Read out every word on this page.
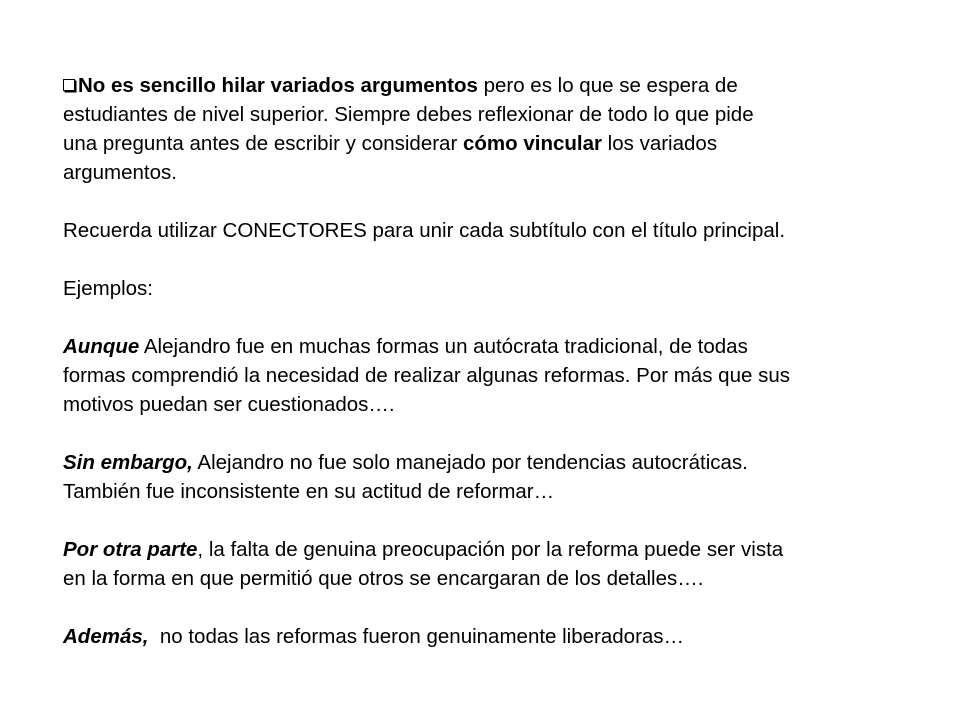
No es sencillo hilar variados argumentos pero es lo que se espera de
estudiantes de nivel superior. Siempre debes reflexionar de todo lo que pide
una pregunta antes de escribir y considerar cómo vincular los variados
argumentos.
Recuerda utilizar CONECTORES para unir cada subtítulo con el título principal.
Ejemplos:
Aunque Alejandro fue en muchas formas un autócrata tradicional, de todas
formas comprendió la necesidad de realizar algunas reformas. Por más que sus
motivos puedan ser cuestionados….
Sin embargo, Alejandro no fue solo manejado por tendencias autocráticas.
También fue inconsistente en su actitud de reformar…
Por otra parte, la falta de genuina preocupación por la reforma puede ser vista
en la forma en que permitió que otros se encargaran de los detalles….
Además,  no todas las reformas fueron genuinamente liberadoras…
